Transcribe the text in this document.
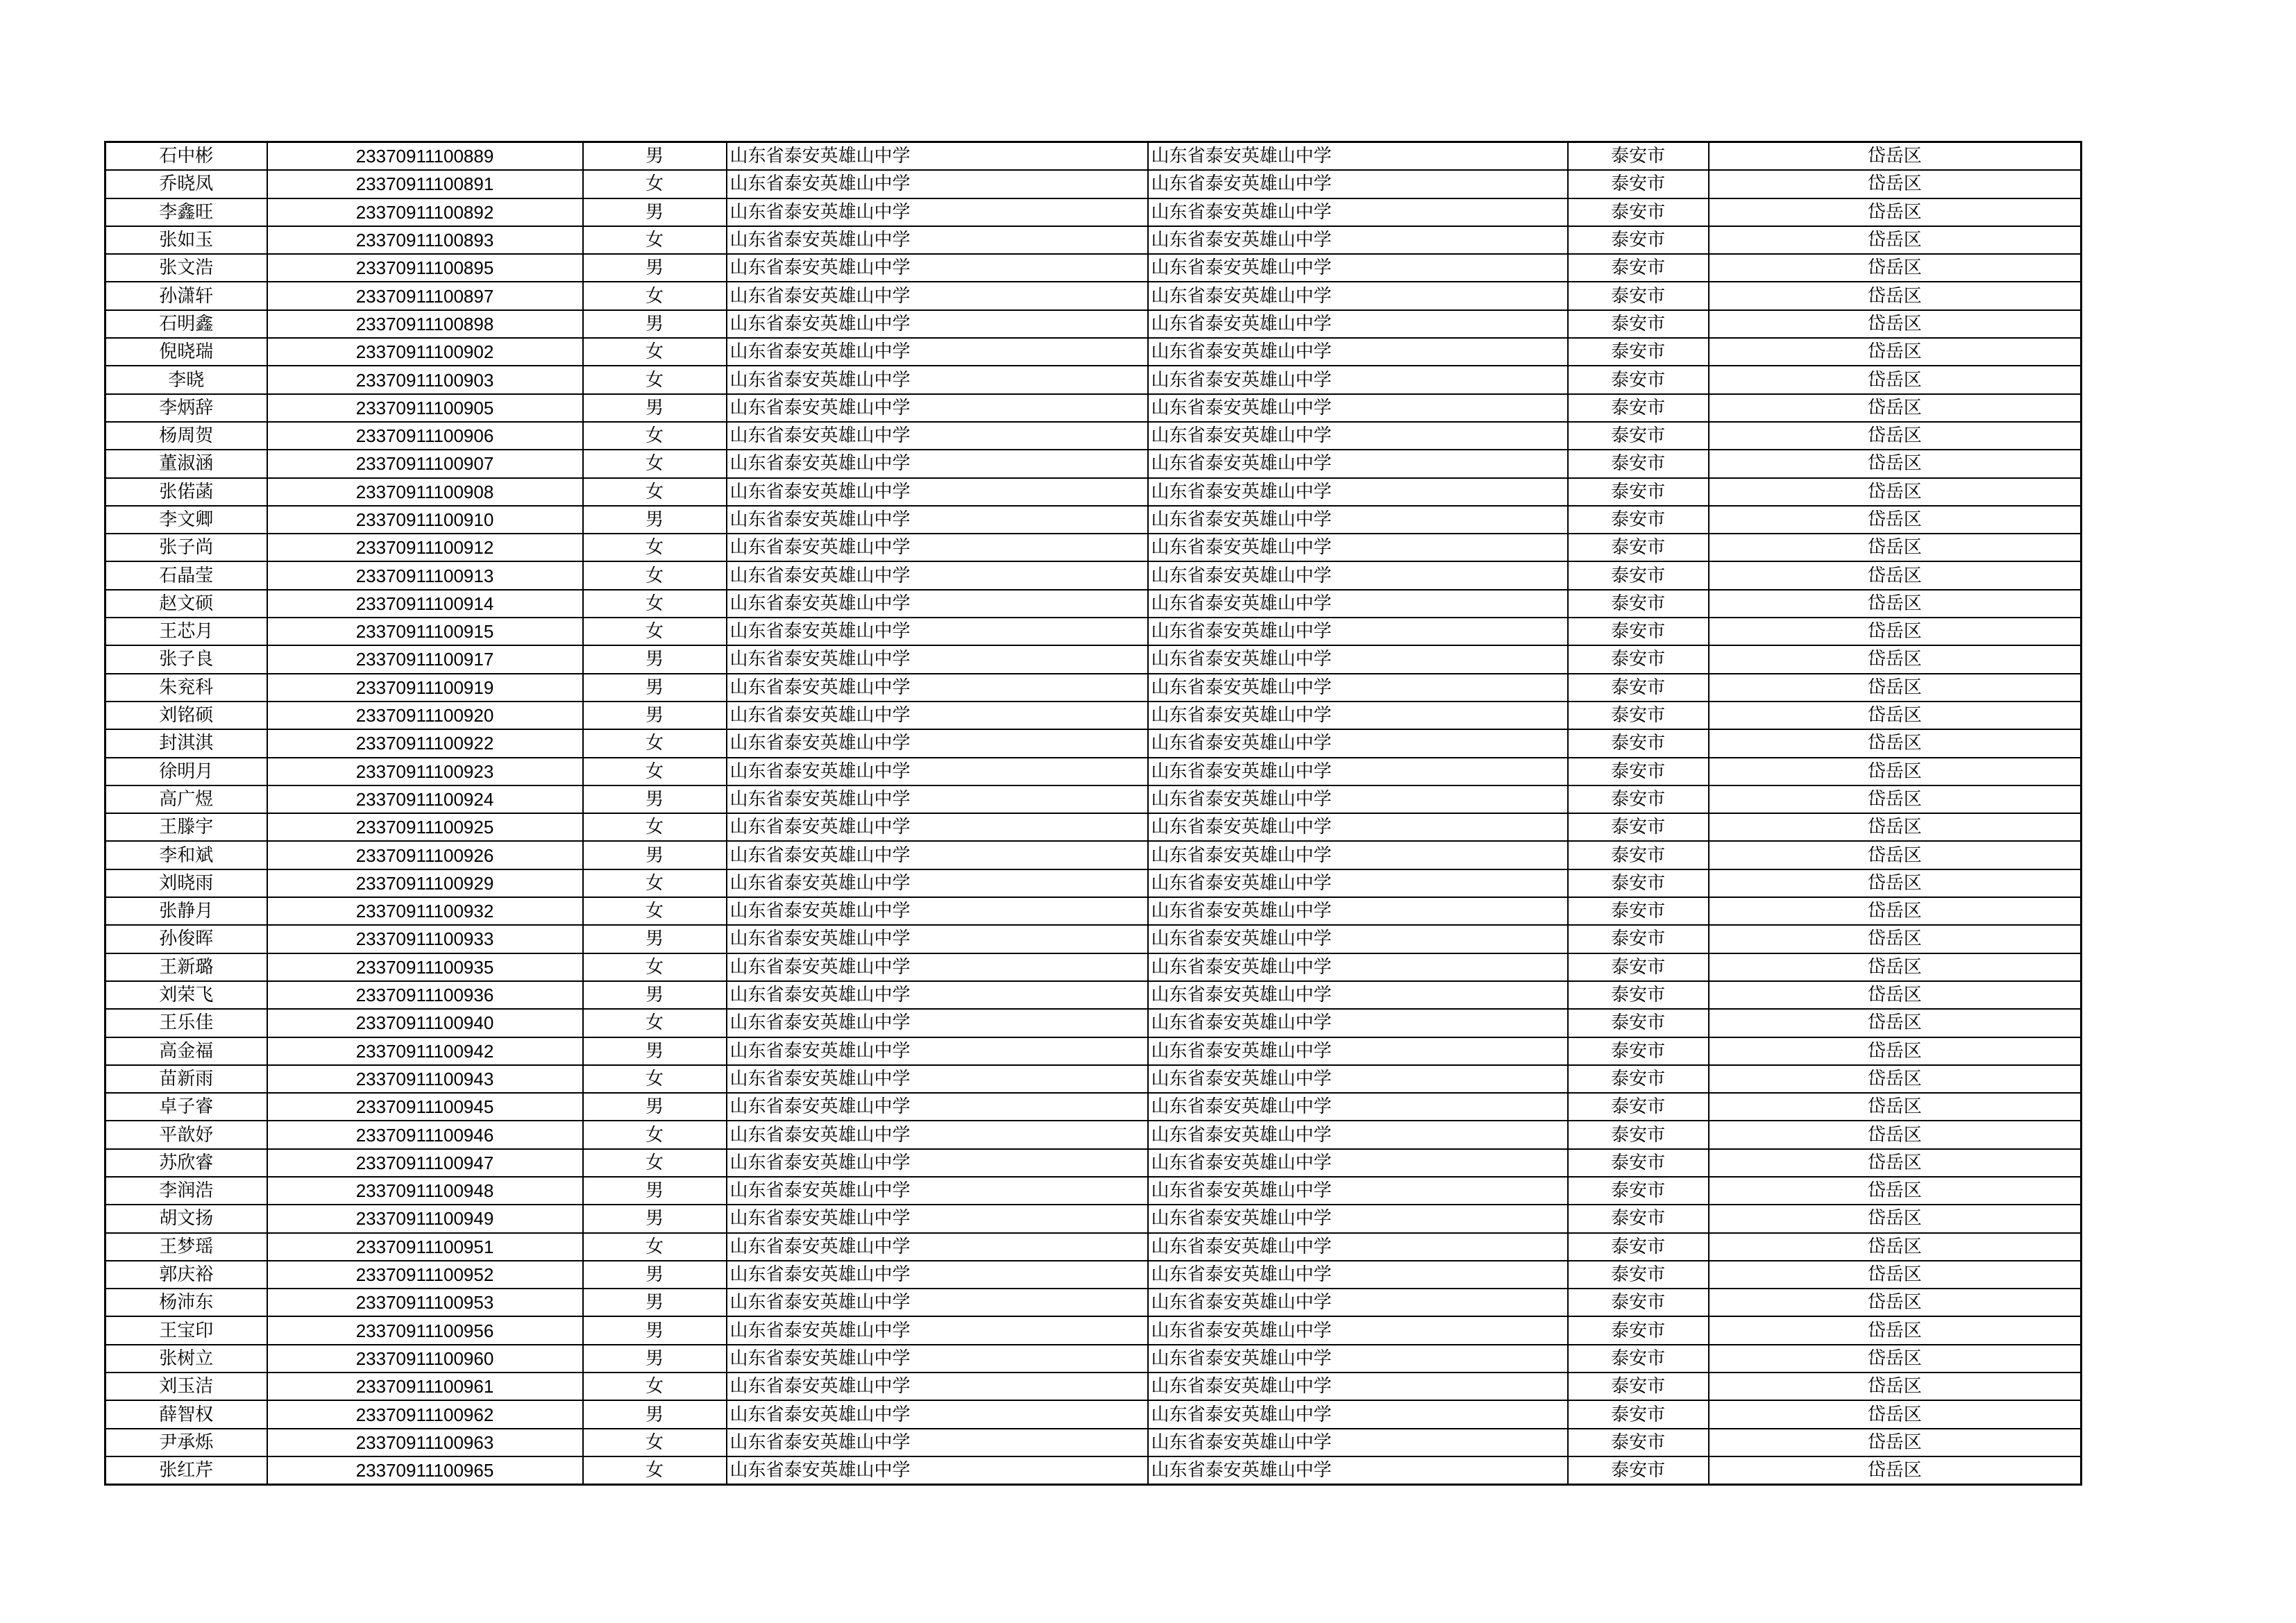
石中彬	23370911100889	男	山东省泰安英雄山中学	山东省泰安英雄山中学	泰安市	岱岳区
乔晓凤	23370911100891	女	山东省泰安英雄山中学	山东省泰安英雄山中学	泰安市	岱岳区
李鑫旺	23370911100892	男	山东省泰安英雄山中学	山东省泰安英雄山中学	泰安市	岱岳区
张如玉	23370911100893	女	山东省泰安英雄山中学	山东省泰安英雄山中学	泰安市	岱岳区
张文浩	23370911100895	男	山东省泰安英雄山中学	山东省泰安英雄山中学	泰安市	岱岳区
孙潇轩	23370911100897	女	山东省泰安英雄山中学	山东省泰安英雄山中学	泰安市	岱岳区
石明鑫	23370911100898	男	山东省泰安英雄山中学	山东省泰安英雄山中学	泰安市	岱岳区
倪晓瑞	23370911100902	女	山东省泰安英雄山中学	山东省泰安英雄山中学	泰安市	岱岳区
李晓	23370911100903	女	山东省泰安英雄山中学	山东省泰安英雄山中学	泰安市	岱岳区
李炳辞	23370911100905	男	山东省泰安英雄山中学	山东省泰安英雄山中学	泰安市	岱岳区
杨周贺	23370911100906	女	山东省泰安英雄山中学	山东省泰安英雄山中学	泰安市	岱岳区
董淑涵	23370911100907	女	山东省泰安英雄山中学	山东省泰安英雄山中学	泰安市	岱岳区
张偌菡	23370911100908	女	山东省泰安英雄山中学	山东省泰安英雄山中学	泰安市	岱岳区
李文卿	23370911100910	男	山东省泰安英雄山中学	山东省泰安英雄山中学	泰安市	岱岳区
张子尚	23370911100912	女	山东省泰安英雄山中学	山东省泰安英雄山中学	泰安市	岱岳区
石晶莹	23370911100913	女	山东省泰安英雄山中学	山东省泰安英雄山中学	泰安市	岱岳区
赵文硕	23370911100914	女	山东省泰安英雄山中学	山东省泰安英雄山中学	泰安市	岱岳区
王芯月	23370911100915	女	山东省泰安英雄山中学	山东省泰安英雄山中学	泰安市	岱岳区
张子良	23370911100917	男	山东省泰安英雄山中学	山东省泰安英雄山中学	泰安市	岱岳区
朱兖科	23370911100919	男	山东省泰安英雄山中学	山东省泰安英雄山中学	泰安市	岱岳区
刘铭硕	23370911100920	男	山东省泰安英雄山中学	山东省泰安英雄山中学	泰安市	岱岳区
封淇淇	23370911100922	女	山东省泰安英雄山中学	山东省泰安英雄山中学	泰安市	岱岳区
徐明月	23370911100923	女	山东省泰安英雄山中学	山东省泰安英雄山中学	泰安市	岱岳区
高广煜	23370911100924	男	山东省泰安英雄山中学	山东省泰安英雄山中学	泰安市	岱岳区
王滕宇	23370911100925	女	山东省泰安英雄山中学	山东省泰安英雄山中学	泰安市	岱岳区
李和斌	23370911100926	男	山东省泰安英雄山中学	山东省泰安英雄山中学	泰安市	岱岳区
刘晓雨	23370911100929	女	山东省泰安英雄山中学	山东省泰安英雄山中学	泰安市	岱岳区
张静月	23370911100932	女	山东省泰安英雄山中学	山东省泰安英雄山中学	泰安市	岱岳区
孙俊晖	23370911100933	男	山东省泰安英雄山中学	山东省泰安英雄山中学	泰安市	岱岳区
王新璐	23370911100935	女	山东省泰安英雄山中学	山东省泰安英雄山中学	泰安市	岱岳区
刘荣飞	23370911100936	男	山东省泰安英雄山中学	山东省泰安英雄山中学	泰安市	岱岳区
王乐佳	23370911100940	女	山东省泰安英雄山中学	山东省泰安英雄山中学	泰安市	岱岳区
高金福	23370911100942	男	山东省泰安英雄山中学	山东省泰安英雄山中学	泰安市	岱岳区
苗新雨	23370911100943	女	山东省泰安英雄山中学	山东省泰安英雄山中学	泰安市	岱岳区
卓子睿	23370911100945	男	山东省泰安英雄山中学	山东省泰安英雄山中学	泰安市	岱岳区
平歆妤	23370911100946	女	山东省泰安英雄山中学	山东省泰安英雄山中学	泰安市	岱岳区
苏欣睿	23370911100947	女	山东省泰安英雄山中学	山东省泰安英雄山中学	泰安市	岱岳区
李润浩	23370911100948	男	山东省泰安英雄山中学	山东省泰安英雄山中学	泰安市	岱岳区
胡文扬	23370911100949	男	山东省泰安英雄山中学	山东省泰安英雄山中学	泰安市	岱岳区
王梦瑶	23370911100951	女	山东省泰安英雄山中学	山东省泰安英雄山中学	泰安市	岱岳区
郭庆裕	23370911100952	男	山东省泰安英雄山中学	山东省泰安英雄山中学	泰安市	岱岳区
杨沛东	23370911100953	男	山东省泰安英雄山中学	山东省泰安英雄山中学	泰安市	岱岳区
王宝印	23370911100956	男	山东省泰安英雄山中学	山东省泰安英雄山中学	泰安市	岱岳区
张树立	23370911100960	男	山东省泰安英雄山中学	山东省泰安英雄山中学	泰安市	岱岳区
刘玉洁	23370911100961	女	山东省泰安英雄山中学	山东省泰安英雄山中学	泰安市	岱岳区
薛智权	23370911100962	男	山东省泰安英雄山中学	山东省泰安英雄山中学	泰安市	岱岳区
尹承烁	23370911100963	女	山东省泰安英雄山中学	山东省泰安英雄山中学	泰安市	岱岳区
张红芹	23370911100965	女	山东省泰安英雄山中学	山东省泰安英雄山中学	泰安市	岱岳区
